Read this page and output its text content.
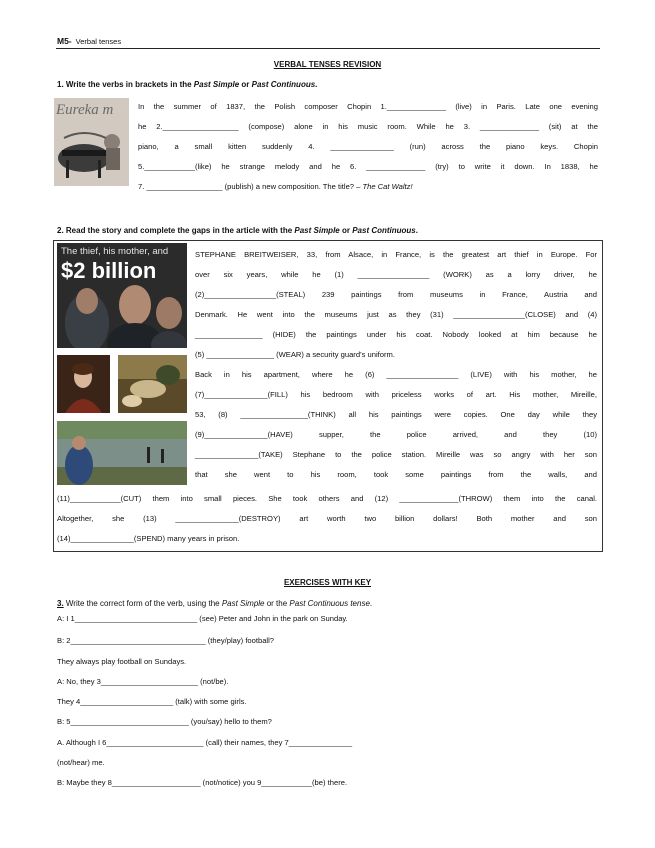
M5- Verbal tenses
VERBAL TENSES REVISION
1. Write the verbs in brackets in the Past Simple or Past Continuous.
Eureka m	In the summer of 1837, the Polish composer Chopin 1.______________ (live) in Paris. Late one evening
he 2.__________________ (compose) alone in his music room. While he 3. ______________ (sit) at the
piano, a small kitten suddenly 4. _______________ (run) across the piano keys. Chopin
5.____________(like) he strange melody and he 6. ______________ (try) to write it down. In 1838, he
7. __________________ (publish) a new composition. The title? – The Cat Waltz!
2. Read the story and complete the gaps in the article with the Past Simple or Past Continuous.
The thief, his mother, and
$2 billion
STEPHANE BREITWEISER, 33, from Alsace, in France, is the greatest art thief in Europe. For
over six years, while he (1) _________________ (WORK) as a lorry driver, he
(2)_________________(STEAL) 239 paintings from museums in France, Austria and
Denmark. He went into the museums just as they (31) _________________(CLOSE) and (4)
________________ (HIDE) the paintings under his coat. Nobody looked at him because he
(5) ________________ (WEAR) a security guard’s uniform.
Back in his apartment, where he (6) _________________ (LIVE) with his mother, he
(7)_______________(FILL) his bedroom with priceless works of art. His mother, Mireille,
53, (8) ________________(THINK) all his paintings were copies. One day while they
(9)_______________(HAVE) supper, the police arrived, and they (10)
_______________(TAKE) Stephane to the police station. Mireille was so angry with her son
that she went to his room, took some paintings from the walls, and
(11)____________(CUT) them into small pieces. She took others and (12) ______________(THROW) them into the canal.
Altogether, she (13) _______________(DESTROY) art worth two billion dollars! Both mother and son
(14)_______________(SPEND) many years in prison.
EXERCISES WITH KEY
3. Write the correct form of the verb, using the Past Simple or the Past Continuous tense.
A: I 1_____________________________ (see) Peter and John in the park on Sunday.
B: 2________________________________ (they/play) football?
They always play football on Sundays.
A: No, they 3_______________________ (not/be).
They 4______________________ (talk) with some girls.
B: 5____________________________ (you/say) hello to them?
A. Although I 6_______________________ (call) their names, they 7_______________
(not/hear) me.
B: Maybe they 8_____________________ (not/notice) you 9____________(be) there.
